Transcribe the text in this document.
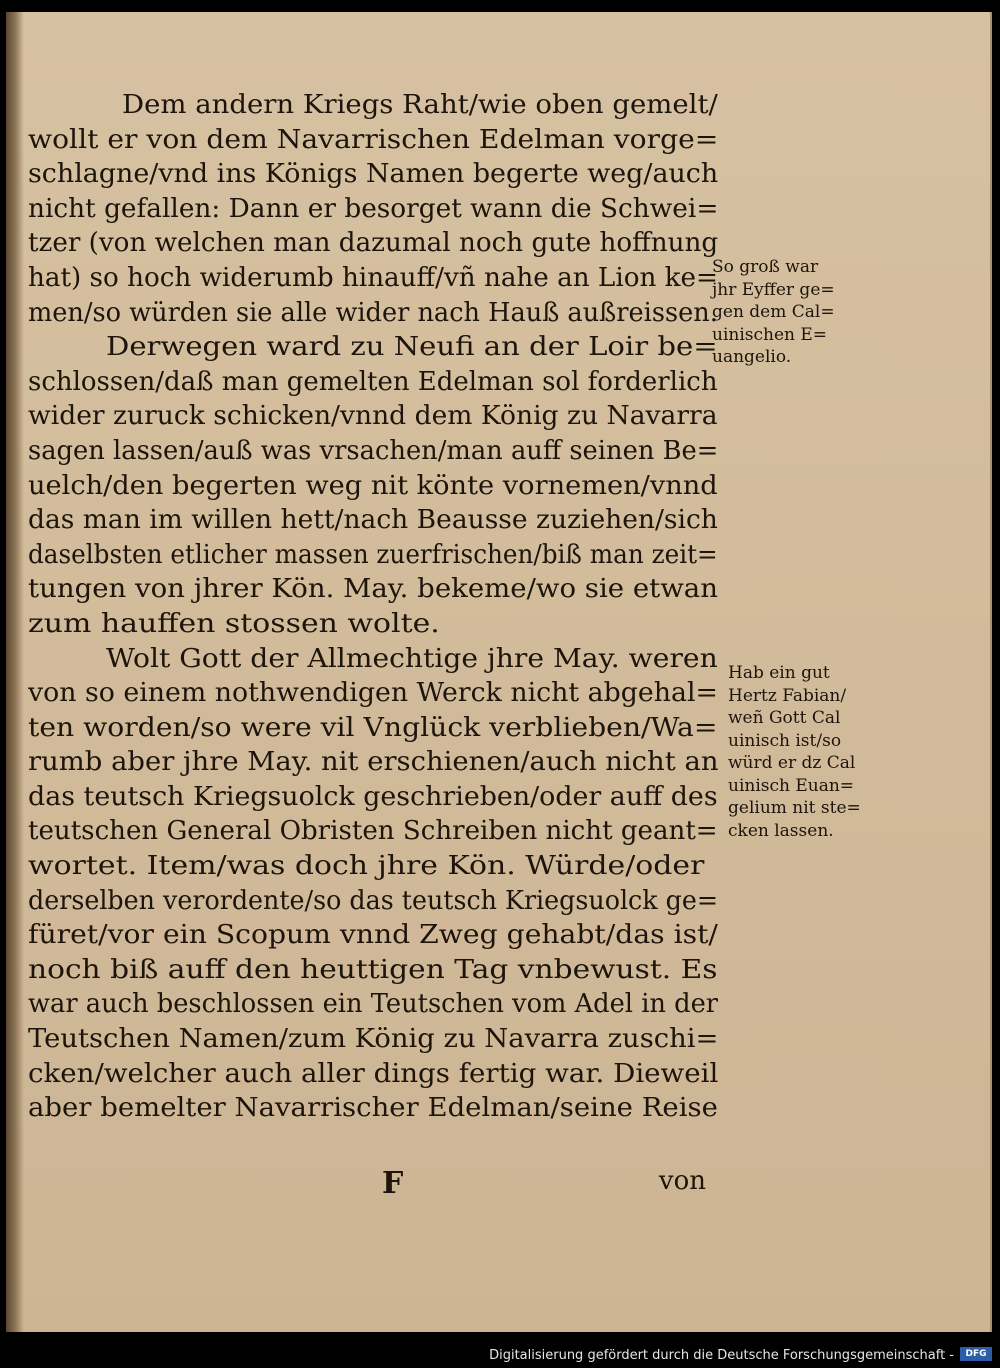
Dem andern Kriegs Raht/wie oben gemelt/
wollt er von dem Navarrischen Edelman vorge=
schlagne/vnd ins Königs Namen begerte weg/auch
nicht gefallen: Dann er besorget wann die Schwei=
tzer (von welchen man dazumal noch gute hoffnung
hat) so hoch widerumb hinauff/vñ nahe an Lion ke=
men/so würden sie alle wider nach Hauß außreissen.
Derwegen ward zu Neufi an der Loir be=
schlossen/daß man gemelten Edelman sol forderlich
wider zuruck schicken/vnnd dem König zu Navarra
sagen lassen/auß was vrsachen/man auff seinen Be=
uelch/den begerten weg nit könte vornemen/vnnd
das man im willen hett/nach Beausse zuziehen/sich
daselbsten etlicher massen zuerfrischen/biß man zeit=
tungen von jhrer Kön. May. bekeme/wo sie etwan
zum hauffen stossen wolte.
Wolt Gott der Allmechtige jhre May. weren
von so einem nothwendigen Werck nicht abgehal=
ten worden/so were vil Vnglück verblieben/Wa=
rumb aber jhre May. nit erschienen/auch nicht an
das teutsch Kriegsuolck geschrieben/oder auff des
teutschen General Obristen Schreiben nicht geant=
wortet. Item/was doch jhre Kön. Würde/oder
derselben verordente/so das teutsch Kriegsuolck ge=
füret/vor ein Scopum vnnd Zweg gehabt/das ist/
noch biß auff den heuttigen Tag vnbewust. Es
war auch beschlossen ein Teutschen vom Adel in der
Teutschen Namen/zum König zu Navarra zuschi=
cken/welcher auch aller dings fertig war. Dieweil
aber bemelter Navarrischer Edelman/seine Reise
So groß war
jhr Eyffer ge=
gen dem Cal=
uinischen E=
uangelio.
Hab ein gut
Hertz Fabian/
weñ Gott Cal
uinisch ist/so
würd er dz Cal
uinisch Euan=
gelium nit ste=
cken lassen.
F	von
Digitalisierung gefördert durch die Deutsche Forschungsgemeinschaft -	DFG
